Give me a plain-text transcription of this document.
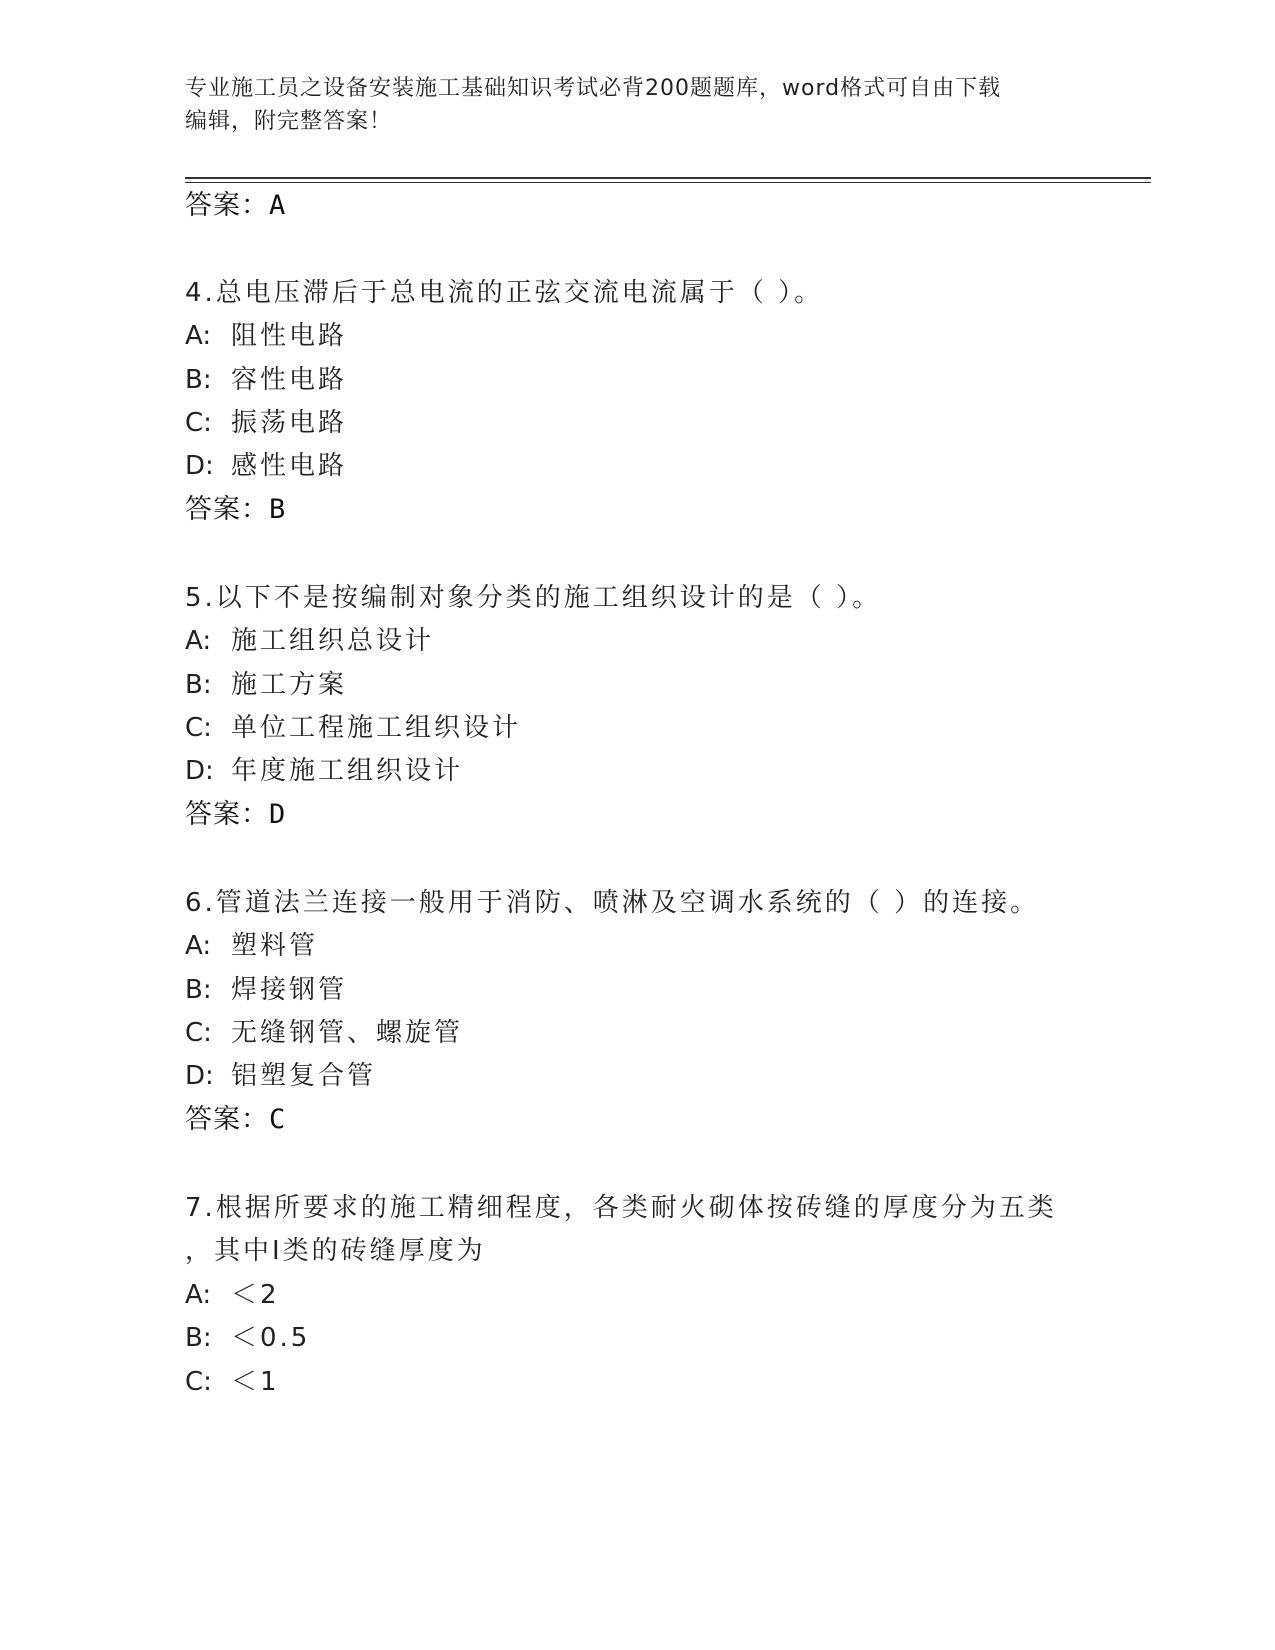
专业施工员之设备安装施工基础知识考试必背200题题库，word格式可自由下载
编辑，附完整答案！
答案：A
4.总电压滞后于总电流的正弦交流电流属于（ ）。
A: 阻性电路
B: 容性电路
C: 振荡电路
D: 感性电路
答案：B
5.以下不是按编制对象分类的施工组织设计的是（ ）。
A: 施工组织总设计
B: 施工方案
C: 单位工程施工组织设计
D: 年度施工组织设计
答案：D
6.管道法兰连接一般用于消防、喷淋及空调水系统的（ ）的连接。
A: 塑料管
B: 焊接钢管
C: 无缝钢管、螺旋管
D: 铝塑复合管
答案：C
7.根据所要求的施工精细程度，各类耐火砌体按砖缝的厚度分为五类
，其中Ⅰ类的砖缝厚度为
A: ＜2
B: ＜0.5
C: ＜1
